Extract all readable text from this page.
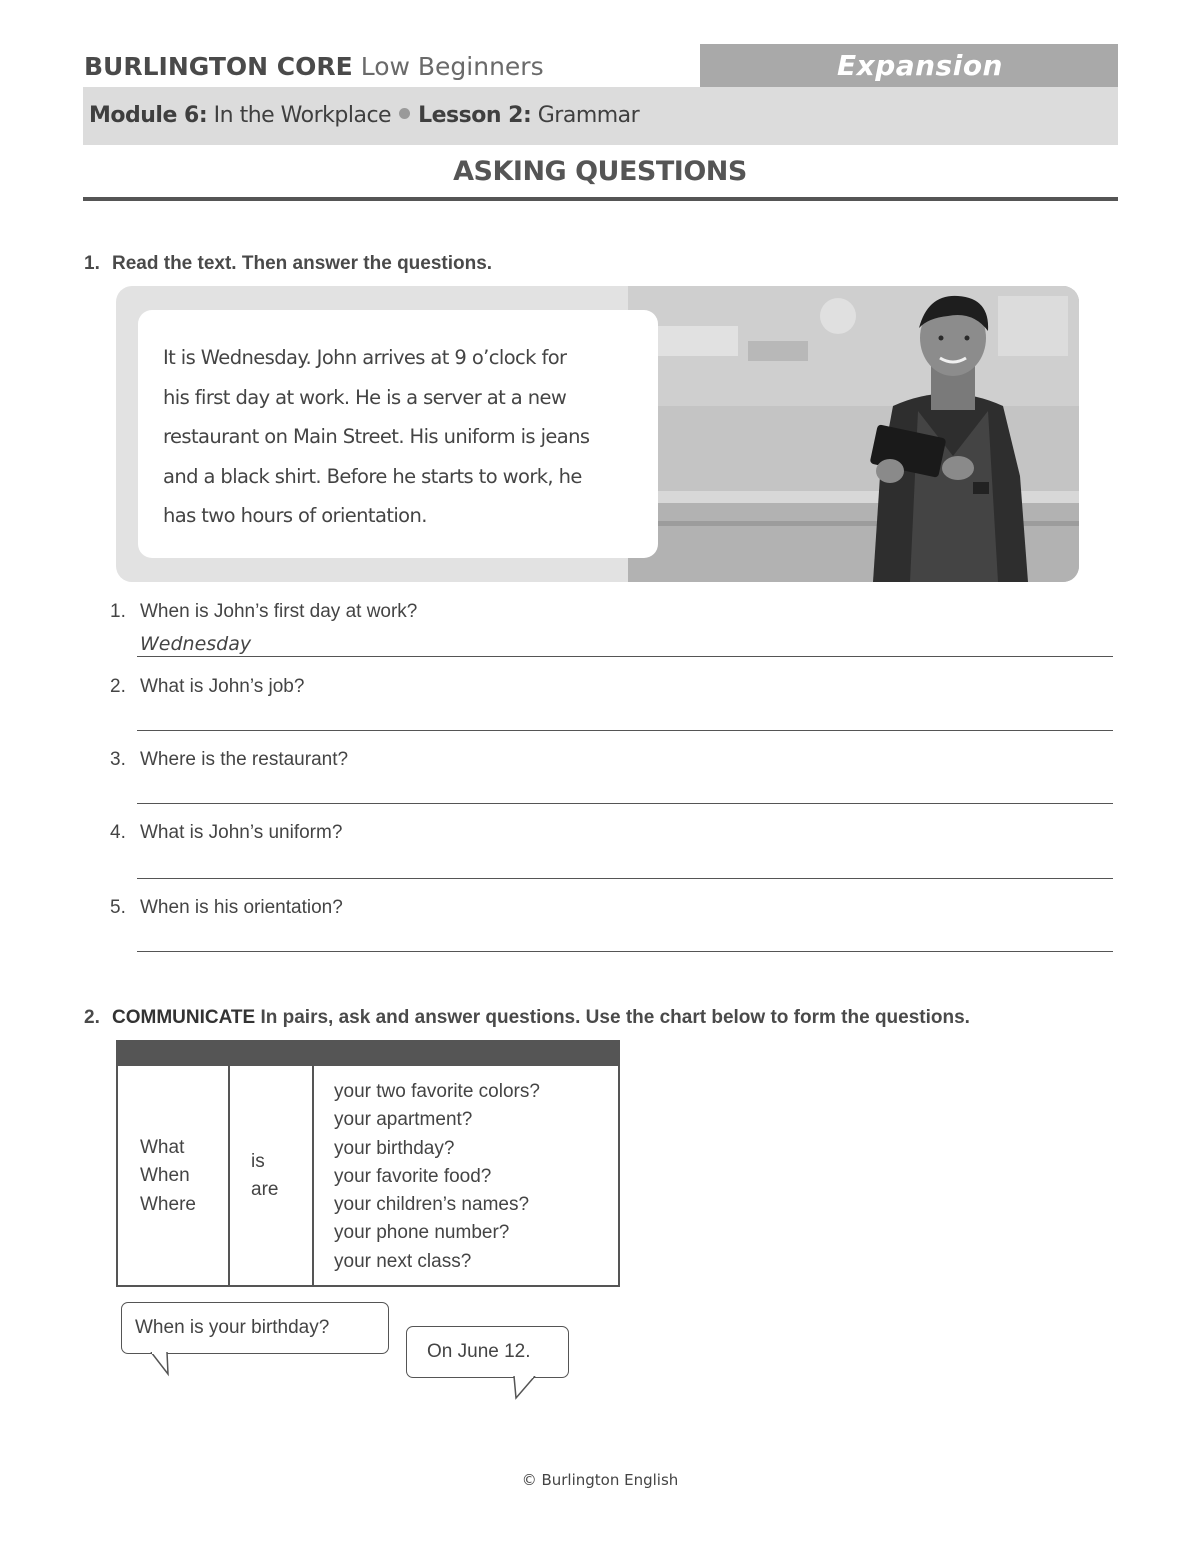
BURLINGTON CORE Low Beginners	Expansion
Module 6: In the Workplace Lesson 2: Grammar
ASKING QUESTIONS
1. Read the text. Then answer the questions.

It is Wednesday. John arrives at 9 o’clock for

his first day at work. He is a server at a new

restaurant on Main Street. His uniform is jeans

and a black shirt. Before he starts to work, he

has two hours of orientation.

1. When is John’s first day at work?
Wednesday
2. What is John’s job?
3. Where is the restaurant?
4. What is John’s uniform?
5. When is his orientation?
2. COMMUNICATE In pairs, ask and answer questions. Use the chart below to form the questions.
What
When
Where
is
are
your two favorite colors?
your apartment?
your birthday?
your favorite food?
your children’s names?
your phone number?
your next class?
When is your birthday?
On June 12.
© Burlington English
